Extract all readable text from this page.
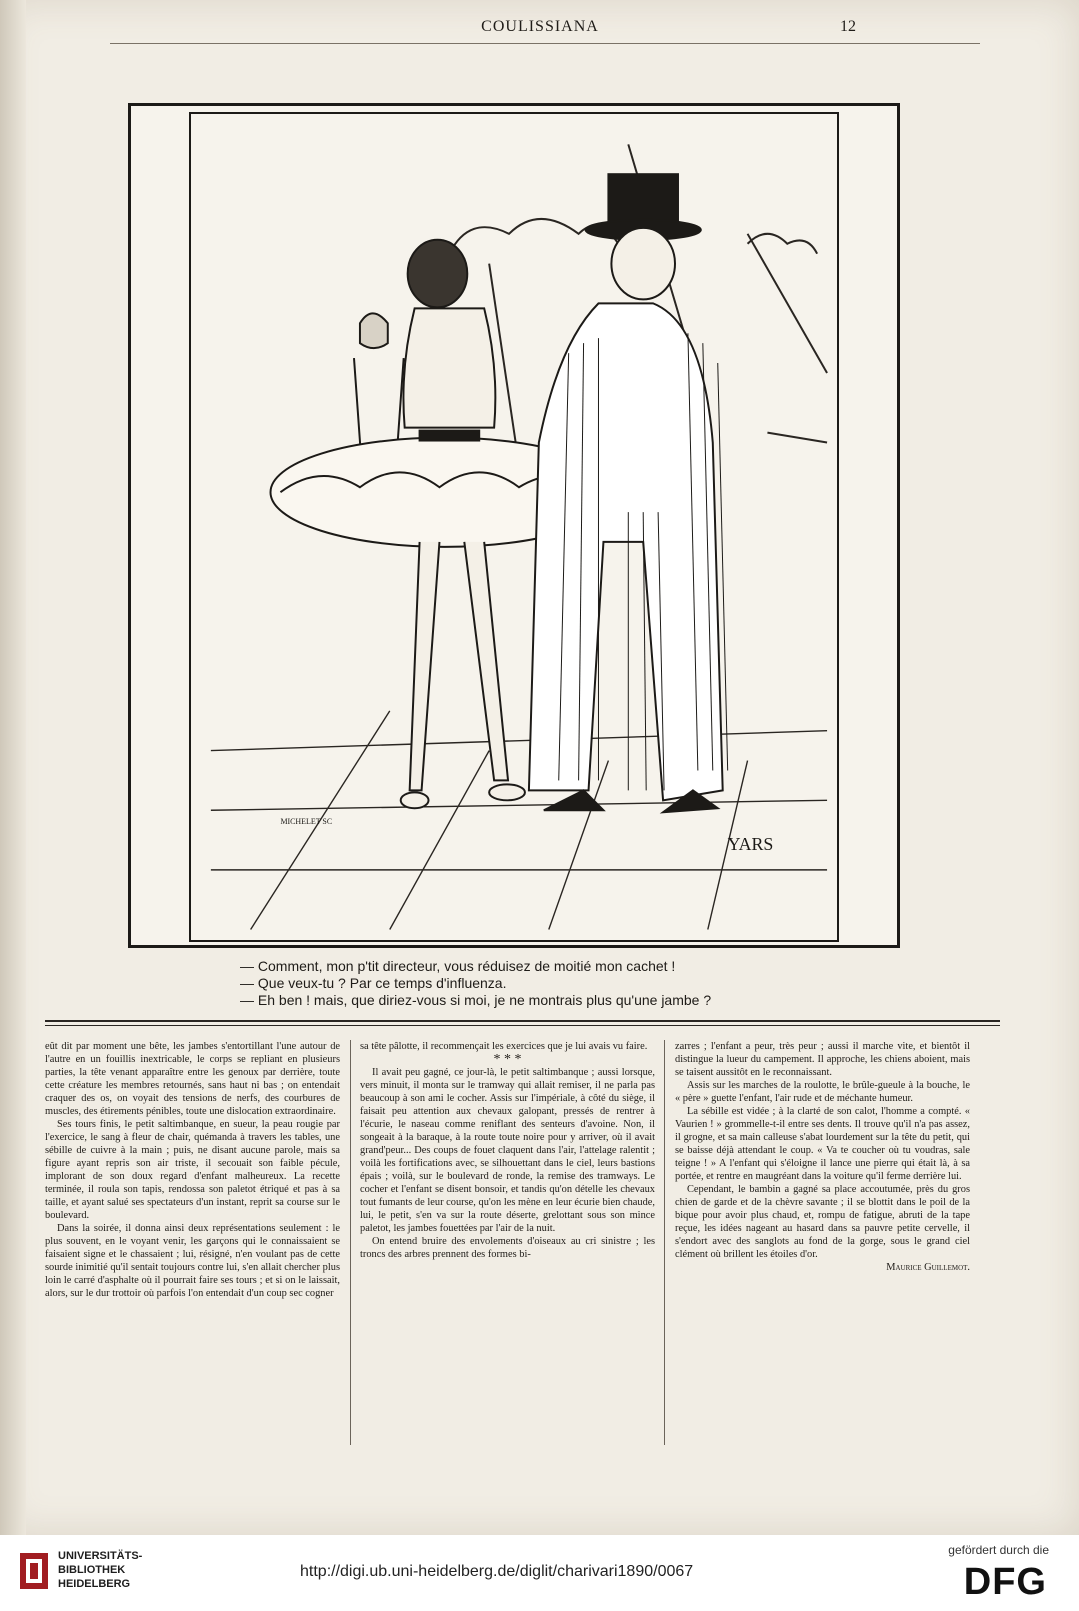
COULISSIANA	12
MICHELET SC
YARS
— Comment, mon p'tit directeur, vous réduisez de moitié mon cachet !
— Que veux-tu ? Par ce temps d'influenza.
— Eh ben ! mais, que diriez-vous si moi, je ne montrais plus qu'une jambe ?

eût dit par moment une bête, les jambes s'entortillant l'une autour de l'autre en un fouillis inextricable, le corps se repliant en plusieurs parties, la tête venant apparaître entre les genoux par derrière, toute cette créature les membres retournés, sans haut ni bas ; on entendait craquer des os, on voyait des tensions de nerfs, des courbures de muscles, des étirements pénibles, toute une dislocation extraordinaire.

Ses tours finis, le petit saltimbanque, en sueur, la peau rougie par l'exercice, le sang à fleur de chair, quémanda à travers les tables, une sébille de cuivre à la main ; puis, ne disant aucune parole, mais sa figure ayant repris son air triste, il secouait son faible pécule, implorant de son doux regard d'enfant malheureux. La recette terminée, il roula son tapis, rendossa son paletot étriqué et pas à sa taille, et ayant salué ses spectateurs d'un instant, reprit sa course sur le boulevard.

Dans la soirée, il donna ainsi deux représentations seulement : le plus souvent, en le voyant venir, les garçons qui le connaissaient se faisaient signe et le chassaient ; lui, résigné, n'en voulant pas de cette sourde inimitié qu'il sentait toujours contre lui, s'en allait chercher plus loin le carré d'asphalte où il pourrait faire ses tours ; et si on le laissait, alors, sur le dur trottoir où parfois l'on entendait d'un coup sec cogner

sa tête pâlotte, il recommençait les exercices que je lui avais vu faire.

* * *

Il avait peu gagné, ce jour-là, le petit saltimbanque ; aussi lorsque, vers minuit, il monta sur le tramway qui allait remiser, il ne parla pas beaucoup à son ami le cocher. Assis sur l'impériale, à côté du siège, il faisait peu attention aux chevaux galopant, pressés de rentrer à l'écurie, le naseau comme reniflant des senteurs d'avoine. Non, il songeait à la baraque, à la route toute noire pour y arriver, où il avait grand'peur... Des coups de fouet claquent dans l'air, l'attelage ralentit ; voilà les fortifications avec, se silhouettant dans le ciel, leurs bastions épais ; voilà, sur le boulevard de ronde, la remise des tramways. Le cocher et l'enfant se disent bonsoir, et tandis qu'on dételle les chevaux tout fumants de leur course, qu'on les mène en leur écurie bien chaude, lui, le petit, s'en va sur la route déserte, grelottant sous son mince paletot, les jambes fouettées par l'air de la nuit.

On entend bruire des envolements d'oiseaux au cri sinistre ; les troncs des arbres prennent des formes bi-

zarres ; l'enfant a peur, très peur ; aussi il marche vite, et bientôt il distingue la lueur du campement. Il approche, les chiens aboient, mais se taisent aussitôt en le reconnaissant.

Assis sur les marches de la roulotte, le brûle-gueule à la bouche, le « père » guette l'enfant, l'air rude et de méchante humeur.

La sébille est vidée ; à la clarté de son calot, l'homme a compté. « Vaurien ! » grommelle-t-il entre ses dents. Il trouve qu'il n'a pas assez, il grogne, et sa main calleuse s'abat lourdement sur la tête du petit, qui se baisse déjà attendant le coup. « Va te coucher où tu voudras, sale teigne ! » A l'enfant qui s'éloigne il lance une pierre qui était là, à sa portée, et rentre en maugréant dans la voiture qu'il ferme derrière lui.

Cependant, le bambin a gagné sa place accoutumée, près du gros chien de garde et de la chèvre savante ; il se blottit dans le poil de la bique pour avoir plus chaud, et, rompu de fatigue, abruti de la tape reçue, les idées nageant au hasard dans sa pauvre petite cervelle, il s'endort avec des sanglots au fond de la gorge, sous le grand ciel clément où brillent les étoiles d'or.

Maurice Guillemot.

UNIVERSITÄTS-
BIBLIOTHEK
HEIDELBERG
http://digi.ub.uni-heidelberg.de/diglit/charivari1890/0067
gefördert durch die
DFG
